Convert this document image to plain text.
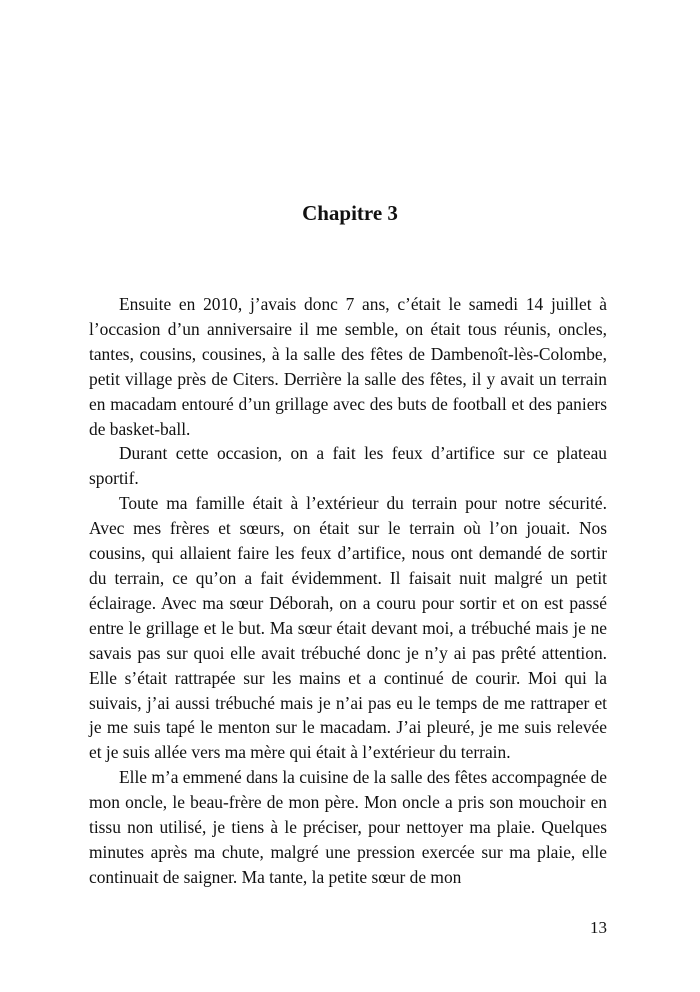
Chapitre 3

Ensuite en 2010, j’avais donc 7 ans, c’était le samedi 14 juillet à l’occasion d’un anniversaire il me semble, on était tous réunis, oncles, tantes, cousins, cousines, à la salle des fêtes de Dambenoît-lès-Colombe, petit village près de Citers. Derrière la salle des fêtes, il y avait un terrain en macadam entouré d’un grillage avec des buts de football et des paniers de basket-ball.

Durant cette occasion, on a fait les feux d’artifice sur ce plateau sportif.

Toute ma famille était à l’extérieur du terrain pour notre sécurité. Avec mes frères et sœurs, on était sur le terrain où l’on jouait. Nos cousins, qui allaient faire les feux d’artifice, nous ont demandé de sortir du terrain, ce qu’on a fait évidemment. Il faisait nuit malgré un petit éclairage. Avec ma sœur Déborah, on a couru pour sortir et on est passé entre le grillage et le but. Ma sœur était devant moi, a trébuché mais je ne savais pas sur quoi elle avait trébuché donc je n’y ai pas prêté attention. Elle s’était rattrapée sur les mains et a continué de courir. Moi qui la suivais, j’ai aussi trébuché mais je n’ai pas eu le temps de me rattraper et je me suis tapé le menton sur le macadam. J’ai pleuré, je me suis relevée et je suis allée vers ma mère qui était à l’extérieur du terrain.

Elle m’a emmené dans la cuisine de la salle des fêtes accompagnée de mon oncle, le beau-frère de mon père. Mon oncle a pris son mouchoir en tissu non utilisé, je tiens à le préciser, pour nettoyer ma plaie. Quelques minutes après ma chute, malgré une pression exercée sur ma plaie, elle continuait de saigner. Ma tante, la petite sœur de mon

13
